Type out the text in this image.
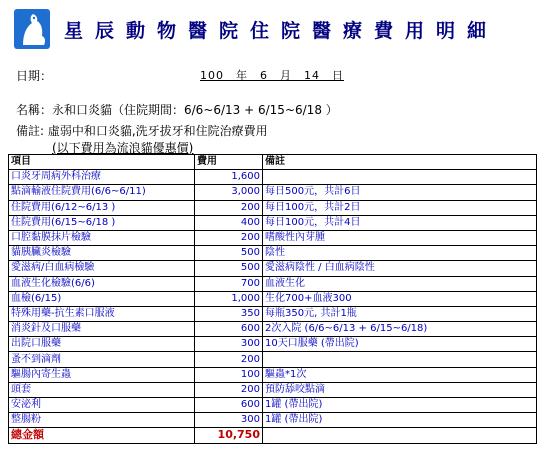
星辰動物醫院住院醫療費用明細
日期：	100　年　6　月　14　日
名稱：永和口炎貓（住院期間：6/6~6/13 + 6/15~6/18 ）
備註: 虛弱中和口炎貓,洗牙拔牙和住院治療費用
(以下費用為流浪貓優惠價)
項目	費用	備註
口炎牙周病外科治療	1,600	
點滴輸液住院費用(6/6~6/11)	3,000	每日500元，共計6日
住院費用(6/12~6/13 )	200	每日100元，共計2日
住院費用(6/15~6/18 )	400	每日100元，共計4日
口腔黏膜抹片檢驗	200	嗜酸性內芽腫
貓胰臟炎檢驗	500	陰性
愛滋病/白血病檢驗	500	愛滋病陰性 / 白血病陰性
血液生化檢驗(6/6)	700	血液生化
血檢(6/15)	1,000	生化700+血液300
特殊用藥-抗生素口服液	350	每瓶350元, 共計1瓶
消炎針及口服藥	600	2次入院 (6/6~6/13 + 6/15~6/18)
出院口服藥	300	10天口服藥 (帶出院)
蚤不到滴劑	200	
驅腸內寄生蟲	100	驅蟲*1次
頭套	200	預防舔咬點滴
安泌利	600	1罐 (帶出院)
整腸粉	300	1罐 (帶出院)
總金額	10,750	
